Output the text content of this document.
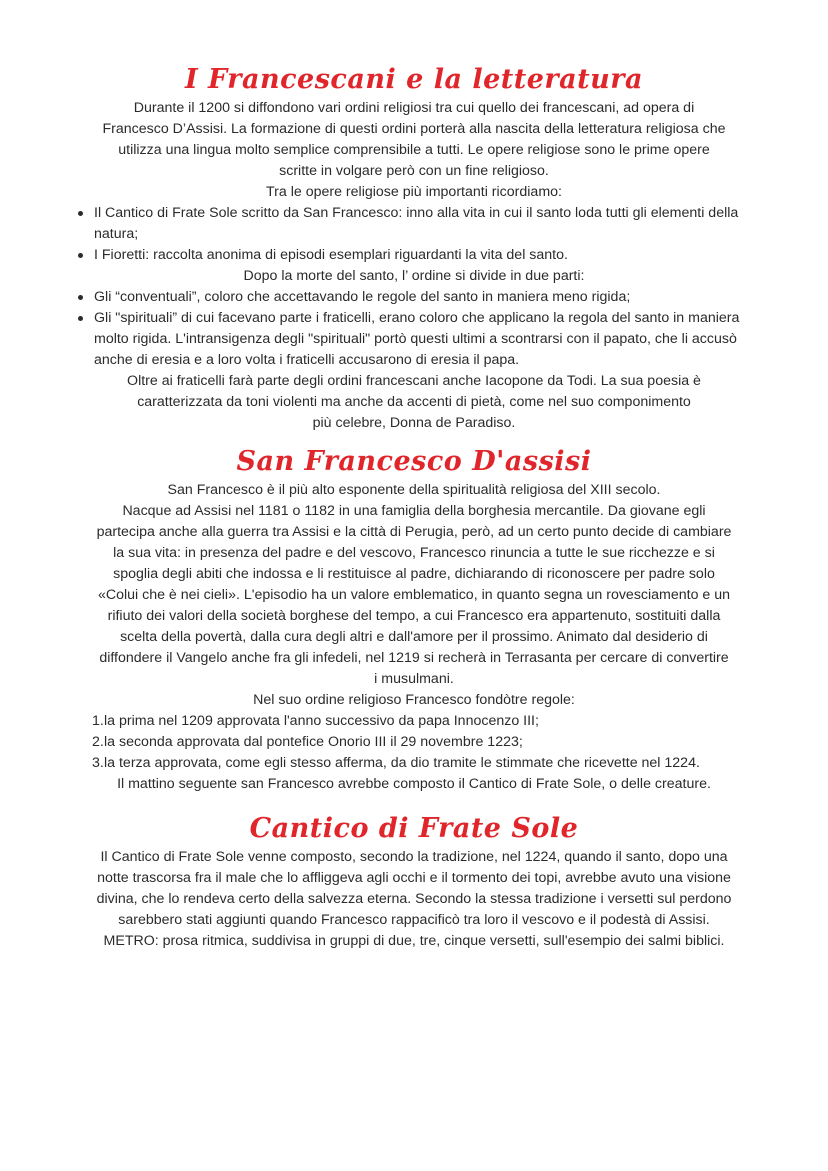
I Francescani e la letteratura

Durante il 1200 si diffondono vari ordini religiosi tra cui quello dei francescani, ad opera di

Francesco D’Assisi. La formazione di questi ordini porterà alla nascita della letteratura religiosa che

utilizza una lingua molto semplice comprensibile a tutti. Le opere religiose sono le prime opere

scritte in volgare però con un fine religioso.

Tra le opere religiose più importanti ricordiamo:

Il Cantico di Frate Sole scritto da San Francesco: inno alla vita in cui il santo loda tutti gli elementi della natura;
I Fioretti: raccolta anonima di episodi esemplari riguardanti la vita del santo.

Dopo la morte del santo, l’ ordine si divide in due parti:

Gli “conventuali”, coloro che accettavando le regole del santo in maniera meno rigida;
Gli "spirituali” di cui facevano parte i fraticelli, erano coloro che applicano la regola del santo in maniera molto rigida. L'intransigenza degli "spirituali" portò questi ultimi a scontrarsi con il papato, che li accusò anche di eresia e a loro volta i fraticelli accusarono di eresia il papa.

Oltre ai fraticelli farà parte degli ordini francescani anche Iacopone da Todi. La sua poesia è

caratterizzata da toni violenti ma anche da accenti di pietà, come nel suo componimento

più celebre, Donna de Paradiso.

San Francesco D'assisi

San Francesco è il più alto esponente della spiritualità religiosa del XIII secolo.

Nacque ad Assisi nel 1181 o 1182 in una famiglia della borghesia mercantile. Da giovane egli

partecipa anche alla guerra tra Assisi e la città di Perugia, però, ad un certo punto decide di cambiare

la sua vita: in presenza del padre e del vescovo, Francesco rinuncia a tutte le sue ricchezze e si

spoglia degli abiti che indossa e li restituisce al padre, dichiarando di riconoscere per padre solo

«Colui che è nei cieli». L'episodio ha un valore emblematico, in quanto segna un rovesciamento e un

rifiuto dei valori della società borghese del tempo, a cui Francesco era appartenuto, sostituiti dalla

scelta della povertà, dalla cura degli altri e dall'amore per il prossimo. Animato dal desiderio di

diffondere il Vangelo anche fra gli infedeli, nel 1219 si recherà in Terrasanta per cercare di convertire

i musulmani.

Nel suo ordine religioso Francesco fondòtre regole:

1. la prima nel 1209 approvata l'anno successivo da papa Innocenzo III;
2. la seconda approvata dal pontefice Onorio III il 29 novembre 1223;
3. la terza approvata, come egli stesso afferma, da dio tramite le stimmate che ricevette nel 1224.

Il mattino seguente san Francesco avrebbe composto il Cantico di Frate Sole, o delle creature.

Cantico di Frate Sole

Il Cantico di Frate Sole venne composto, secondo la tradizione, nel 1224, quando il santo, dopo una

notte trascorsa fra il male che lo affliggeva agli occhi e il tormento dei topi, avrebbe avuto una visione

divina, che lo rendeva certo della salvezza eterna. Secondo la stessa tradizione i versetti sul perdono

sarebbero stati aggiunti quando Francesco rappacificò tra loro il vescovo e il podestà di Assisi.

METRO: prosa ritmica, suddivisa in gruppi di due, tre, cinque versetti, sull'esempio dei salmi biblici.
